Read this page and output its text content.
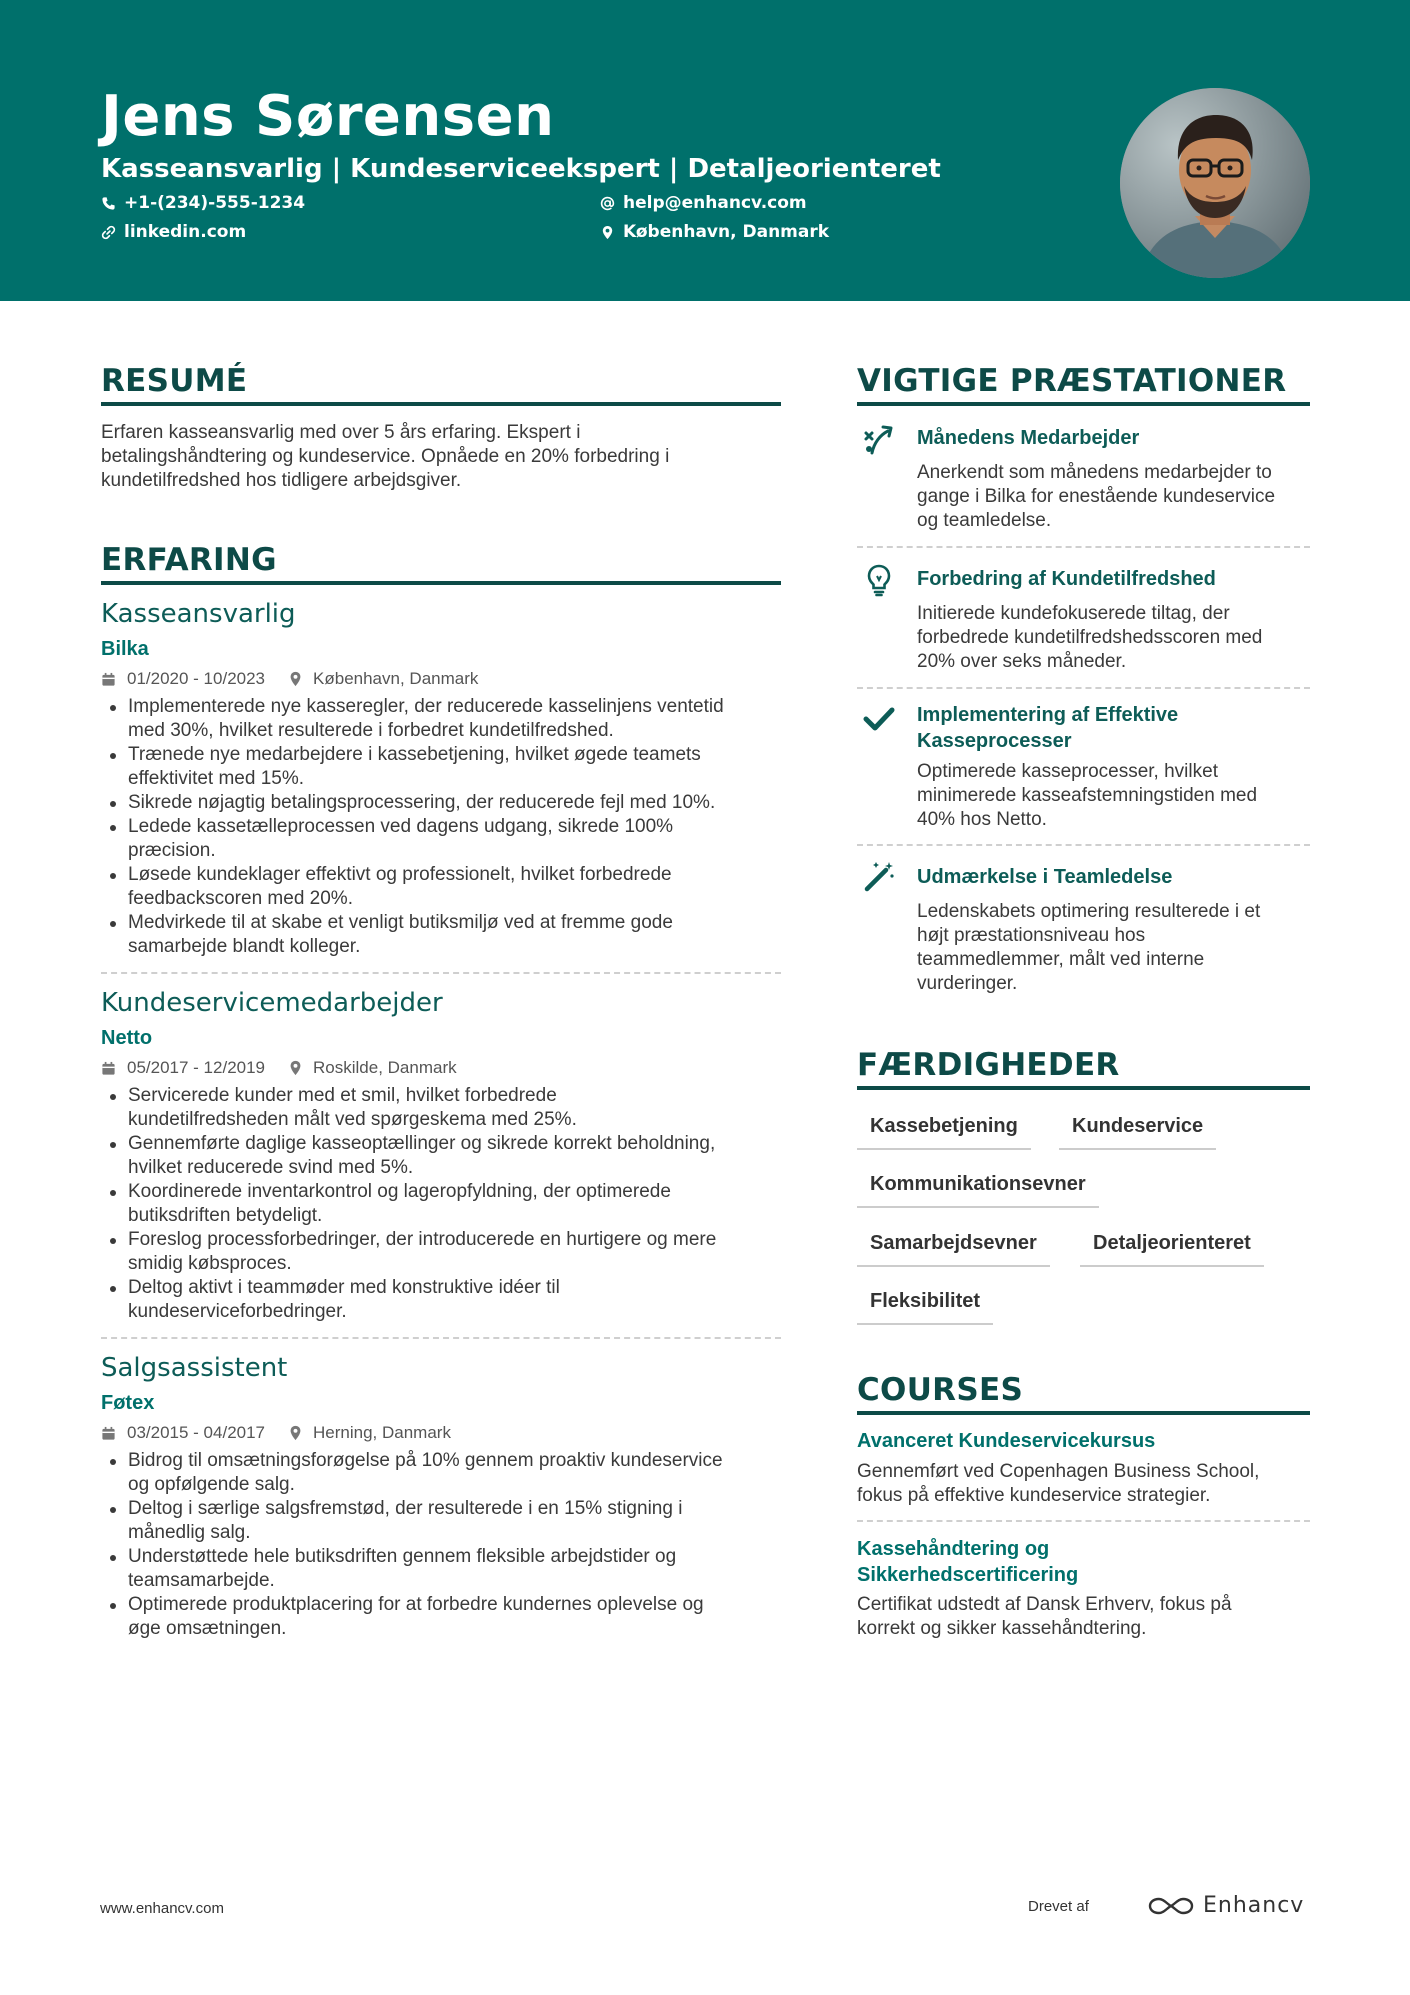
Jens Sørensen
Kasseansvarlig | Kundeserviceekspert | Detaljeorienteret
+1-(234)-555-1234
linkedin.com
help@enhancv.com
København, Danmark
RESUMÉ
Erfaren kasseansvarlig med over 5 års erfaring. Ekspert i
betalingshåndtering og kundeservice. Opnåede en 20% forbedring i
kundetilfredshed hos tidligere arbejdsgiver.
ERFARING
Kasseansvarlig
Bilka
01/2020 - 10/2023	København, Danmark
Implementerede nye kasseregler, der reducerede kasselinjens ventetid
med 30%, hvilket resulterede i forbedret kundetilfredshed.
Trænede nye medarbejdere i kassebetjening, hvilket øgede teamets
effektivitet med 15%.
Sikrede nøjagtig betalingsprocessering, der reducerede fejl med 10%.
Ledede kassetælleprocessen ved dagens udgang, sikrede 100%
præcision.
Løsede kundeklager effektivt og professionelt, hvilket forbedrede
feedbackscoren med 20%.
Medvirkede til at skabe et venligt butiksmiljø ved at fremme gode
samarbejde blandt kolleger.
Kundeservicemedarbejder
Netto
05/2017 - 12/2019	Roskilde, Danmark
Servicerede kunder med et smil, hvilket forbedrede
kundetilfredsheden målt ved spørgeskema med 25%.
Gennemførte daglige kasseoptællinger og sikrede korrekt beholdning,
hvilket reducerede svind med 5%.
Koordinerede inventarkontrol og lageropfyldning, der optimerede
butiksdriften betydeligt.
Foreslog processforbedringer, der introducerede en hurtigere og mere
smidig købsproces.
Deltog aktivt i teammøder med konstruktive idéer til
kundeserviceforbedringer.
Salgsassistent
Føtex
03/2015 - 04/2017	Herning, Danmark
Bidrog til omsætningsforøgelse på 10% gennem proaktiv kundeservice
og opfølgende salg.
Deltog i særlige salgsfremstød, der resulterede i en 15% stigning i
månedlig salg.
Understøttede hele butiksdriften gennem fleksible arbejdstider og
teamsamarbejde.
Optimerede produktplacering for at forbedre kundernes oplevelse og
øge omsætningen.
VIGTIGE PRÆSTATIONER
Månedens Medarbejder
Anerkendt som månedens medarbejder to
gange i Bilka for enestående kundeservice
og teamledelse.
Forbedring af Kundetilfredshed
Initierede kundefokuserede tiltag, der
forbedrede kundetilfredshedsscoren med
20% over seks måneder.
Implementering af Effektive
Kasseprocesser
Optimerede kasseprocesser, hvilket
minimerede kasseafstemningstiden med
40% hos Netto.
Udmærkelse i Teamledelse
Ledenskabets optimering resulterede i et
højt præstationsniveau hos
teammedlemmer, målt ved interne
vurderinger.
FÆRDIGHEDER
Kassebetjening	Kundeservice
Kommunikationsevner
Samarbejdsevner	Detaljeorienteret
Fleksibilitet
COURSES
Avanceret Kundeservicekursus
Gennemført ved Copenhagen Business School,
fokus på effektive kundeservice strategier.
Kassehåndtering og
Sikkerhedscertificering
Certifikat udstedt af Dansk Erhverv, fokus på
korrekt og sikker kassehåndtering.
www.enhancv.com	Drevet af	Enhancv
